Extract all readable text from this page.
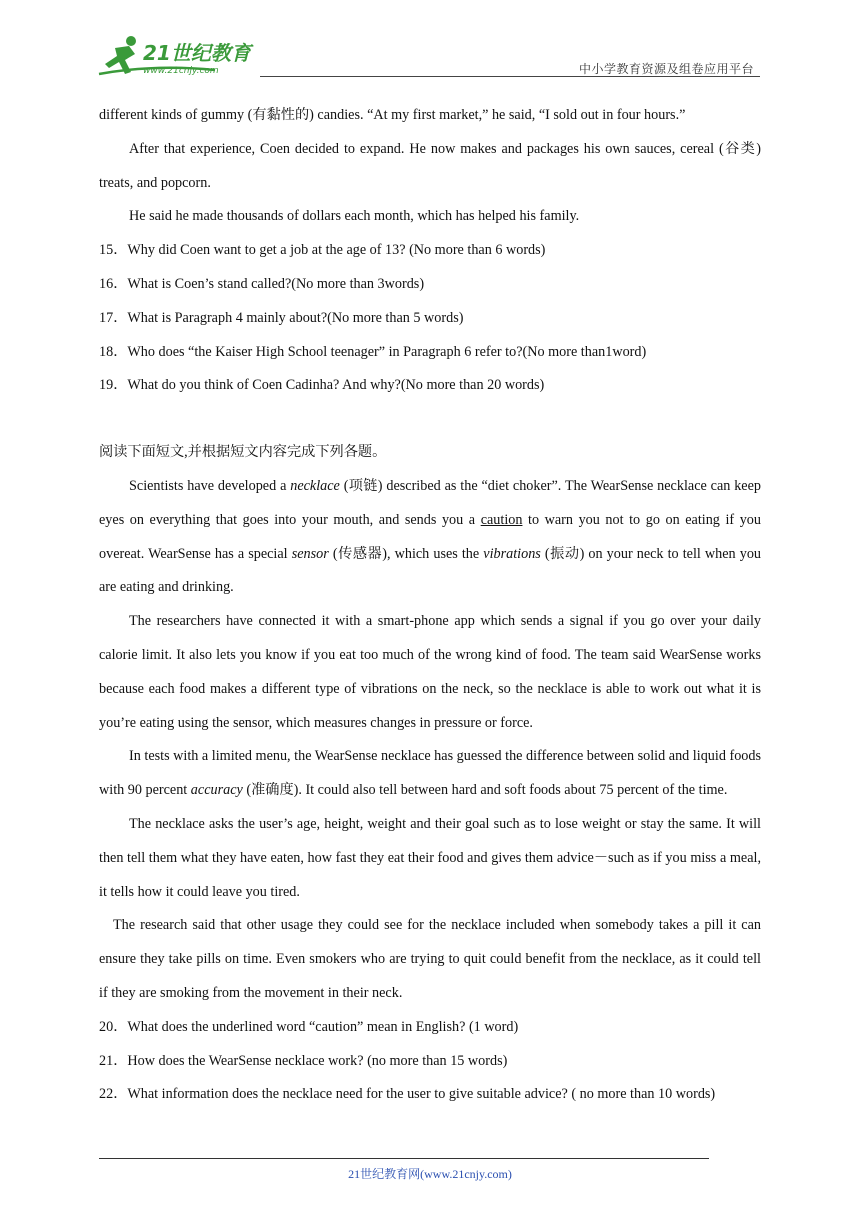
21世纪教育
www.21cnjy.com	中小学教育资源及组卷应用平台

different kinds of gummy (有黏性的) candies. “At my first market,” he said, “I sold out in four hours.”

After that experience, Coen decided to expand. He now makes and packages his own sauces, cereal (谷类) treats, and popcorn.

He said he made thousands of dollars each month, which has helped his family.

15．Why did Coen want to get a job at the age of 13? (No more than 6 words)

16．What is Coen’s stand called?(No more than 3words)

17．What is Paragraph 4 mainly about?(No more than 5 words)

18．Who does “the Kaiser High School teenager” in Paragraph 6 refer to?(No more than1word)

19．What do you think of Coen Cadinha? And why?(No more than 20 words)

阅读下面短文,并根据短文内容完成下列各题。

Scientists have developed a necklace (项链) described as the “diet choker”. The WearSense necklace can keep eyes on everything that goes into your mouth, and sends you a caution to warn you not to go on eating if you overeat. WearSense has a special sensor (传感器), which uses the vibrations (振动) on your neck to tell when you are eating and drinking.

The researchers have connected it with a smart-phone app which sends a signal if you go over your daily calorie limit. It also lets you know if you eat too much of the wrong kind of food. The team said WearSense works because each food makes a different type of vibrations on the neck, so the necklace is able to work out what it is you’re eating using the sensor, which measures changes in pressure or force.

In tests with a limited menu, the WearSense necklace has guessed the difference between solid and liquid foods with 90 percent accuracy (准确度). It could also tell between hard and soft foods about 75 percent of the time.

The necklace asks the user’s age, height, weight and their goal such as to lose weight or stay the same. It will then tell them what they have eaten, how fast they eat their food and gives them advice－such as if you miss a meal, it tells how it could leave you tired.

The research said that other usage they could see for the necklace included when somebody takes a pill it can ensure they take pills on time. Even smokers who are trying to quit could benefit from the necklace, as it could tell if they are smoking from the movement in their neck.

20．What does the underlined word “caution” mean in English? (1 word)

21．How does the WearSense necklace work? (no more than 15 words)

22．What information does the necklace need for the user to give suitable advice? ( no more than 10 words)

21世纪教育网(www.21cnjy.com)
